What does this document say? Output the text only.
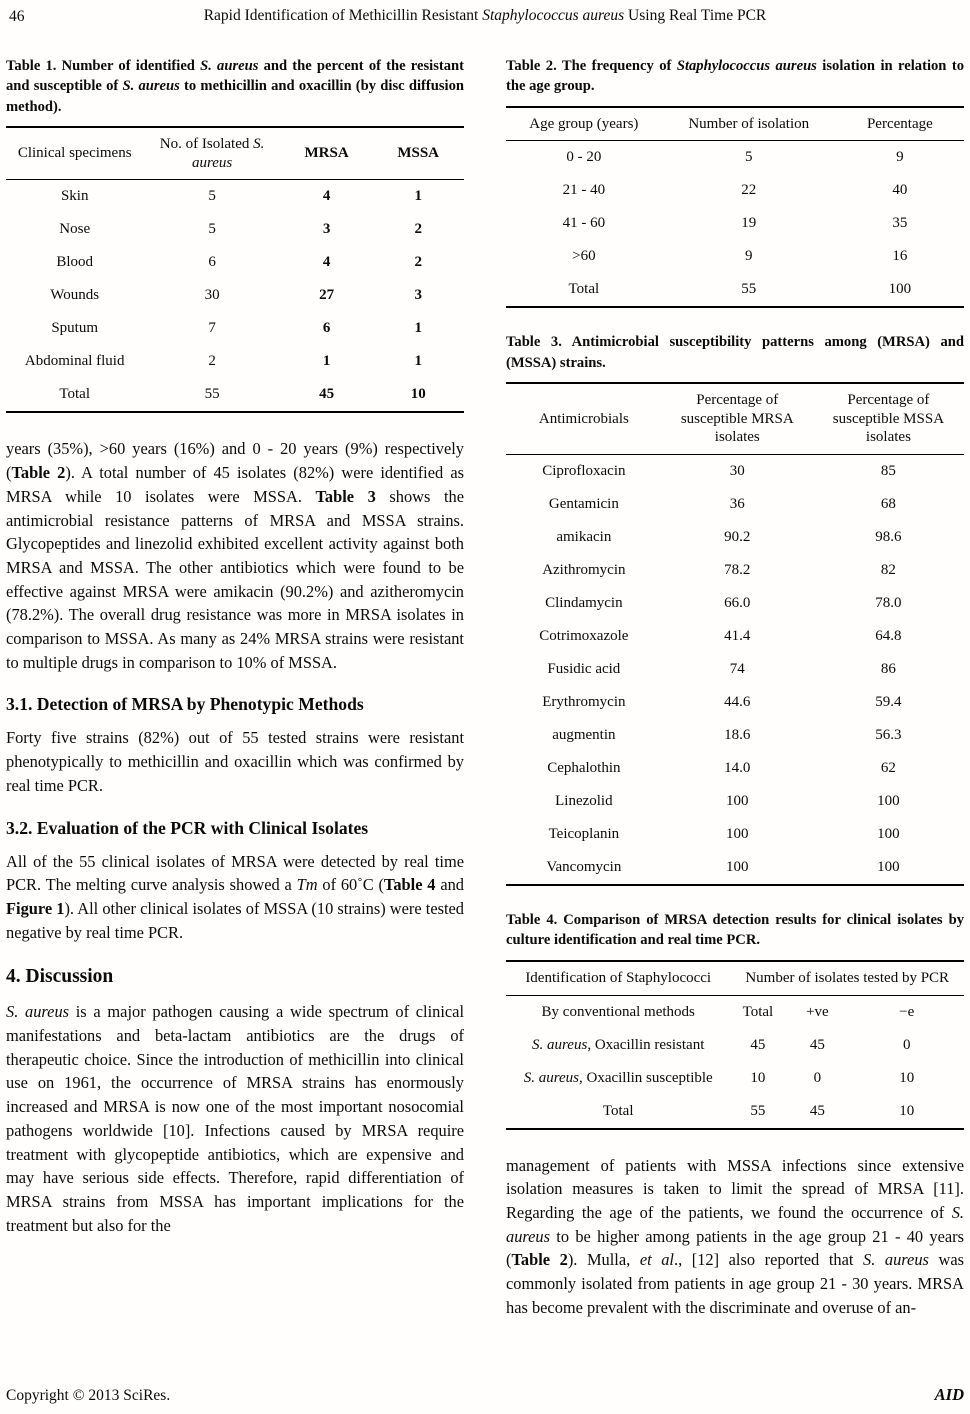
46	Rapid Identification of Methicillin Resistant Staphylococcus aureus Using Real Time PCR

Table 1. Number of identified S. aureus and the percent of the resistant and susceptible of S. aureus to methicillin and oxacillin (by disc diffusion method).

Clinical specimens	No. of Isolated S. aureus	MRSA	MSSA
Skin	5	4	1
Nose	5	3	2
Blood	6	4	2
Wounds	30	27	3
Sputum	7	6	1
Abdominal fluid	2	1	1
Total	55	45	10

years (35%), >60 years (16%) and 0 - 20 years (9%) respectively (Table 2). A total number of 45 isolates (82%) were identified as MRSA while 10 isolates were MSSA. Table 3 shows the antimicrobial resistance patterns of MRSA and MSSA strains. Glycopeptides and linezolid exhibited excellent activity against both MRSA and MSSA. The other antibiotics which were found to be effective against MRSA were amikacin (90.2%) and azitheromycin (78.2%). The overall drug resistance was more in MRSA isolates in comparison to MSSA. As many as 24% MRSA strains were resistant to multiple drugs in comparison to 10% of MSSA.

3.1. Detection of MRSA by Phenotypic Methods

Forty five strains (82%) out of 55 tested strains were resistant phenotypically to methicillin and oxacillin which was confirmed by real time PCR.

3.2. Evaluation of the PCR with Clinical Isolates

All of the 55 clinical isolates of MRSA were detected by real time PCR. The melting curve analysis showed a Tm of 60˚C (Table 4 and Figure 1). All other clinical isolates of MSSA (10 strains) were tested negative by real time PCR.

4. Discussion

S. aureus is a major pathogen causing a wide spectrum of clinical manifestations and beta-lactam antibiotics are the drugs of therapeutic choice. Since the introduction of methicillin into clinical use on 1961, the occurrence of MRSA strains has enormously increased and MRSA is now one of the most important nosocomial pathogens worldwide [10]. Infections caused by MRSA require treatment with glycopeptide antibiotics, which are expensive and may have serious side effects. Therefore, rapid differentiation of MRSA strains from MSSA has important implications for the treatment but also for the

Table 2. The frequency of Staphylococcus aureus isolation in relation to the age group.

Age group (years)	Number of isolation	Percentage
0 - 20	5	9
21 - 40	22	40
41 - 60	19	35
>60	9	16
Total	55	100

Table 3. Antimicrobial susceptibility patterns among (MRSA) and (MSSA) strains.

Antimicrobials	Percentage of susceptible MRSA isolates	Percentage of susceptible MSSA isolates
Ciprofloxacin	30	85
Gentamicin	36	68
amikacin	90.2	98.6
Azithromycin	78.2	82
Clindamycin	66.0	78.0
Cotrimoxazole	41.4	64.8
Fusidic acid	74	86
Erythromycin	44.6	59.4
augmentin	18.6	56.3
Cephalothin	14.0	62
Linezolid	100	100
Teicoplanin	100	100
Vancomycin	100	100

Table 4. Comparison of MRSA detection results for clinical isolates by culture identification and real time PCR.

Identification of Staphylococci	Number of isolates tested by PCR		
By conventional methods	Total	+ve	−e
S. aureus, Oxacillin resistant	45	45	0
S. aureus, Oxacillin susceptible	10	0	10
Total	55	45	10

management of patients with MSSA infections since extensive isolation measures is taken to limit the spread of MRSA [11]. Regarding the age of the patients, we found the occurrence of S. aureus to be higher among patients in the age group 21 - 40 years (Table 2). Mulla, et al., [12] also reported that S. aureus was commonly isolated from patients in age group 21 - 30 years. MRSA has become prevalent with the discriminate and overuse of an-

Copyright © 2013 SciRes.	AID
